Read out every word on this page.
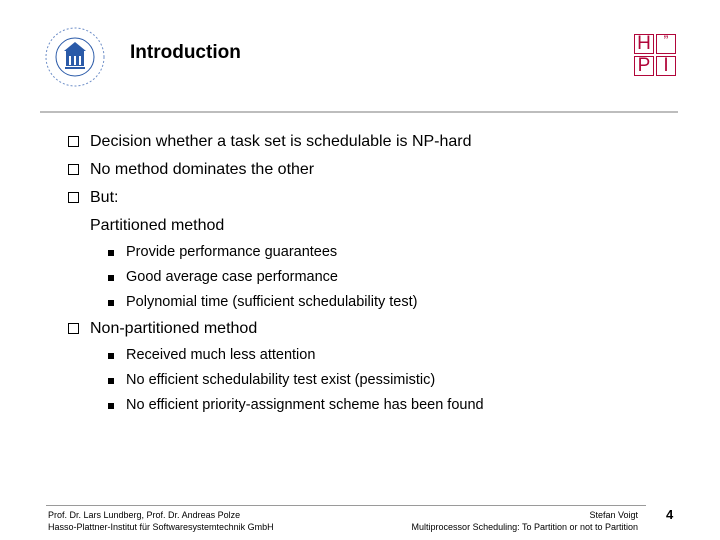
Introduction	H ”
P I
Decision whether a task set is schedulable is NP-hard
No method dominates the other
But:
Partitioned method
Provide performance guarantees
Good average case performance
Polynomial time (sufficient schedulability test)
Non-partitioned method
Received much less attention
No efficient schedulability test exist (pessimistic)
No efficient priority-assignment scheme has been found
Prof. Dr. Lars Lundberg, Prof. Dr. Andreas Polze
Hasso-Plattner-Institut für Softwaresystemtechnik GmbH
Stefan Voigt
Multiprocessor Scheduling: To Partition or not to Partition
4
